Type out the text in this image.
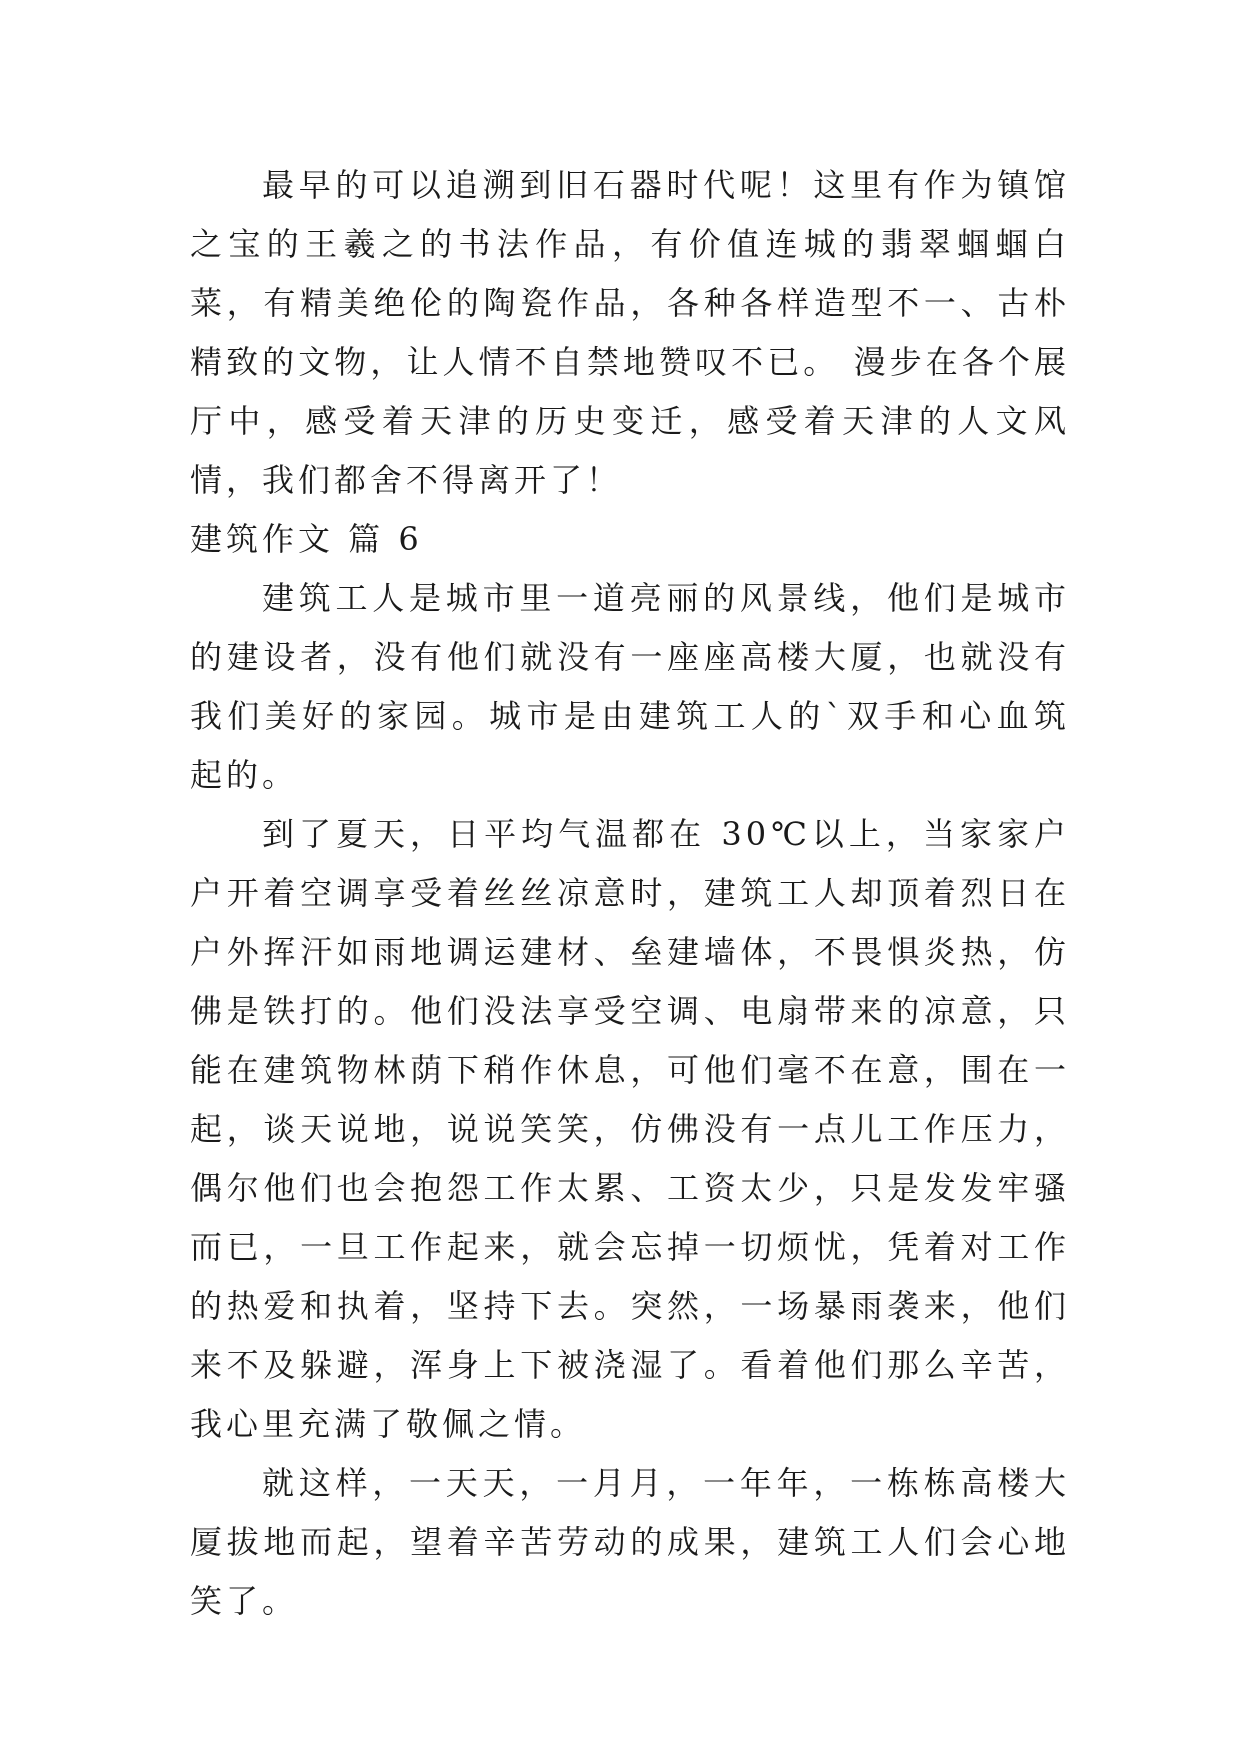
最早的可以追溯到旧石器时代呢！这里有作为镇馆之宝的王羲之的书法作品，有价值连城的翡翠蝈蝈白菜，有精美绝伦的陶瓷作品，各种各样造型不一、古朴精致的文物，让人情不自禁地赞叹不已。 漫步在各个展厅中，感受着天津的历史变迁，感受着天津的人文风情，我们都舍不得离开了！

建筑作文 篇 6

建筑工人是城市里一道亮丽的风景线，他们是城市的建设者，没有他们就没有一座座高楼大厦，也就没有我们美好的家园。城市是由建筑工人的`双手和心血筑起的。

到了夏天，日平均气温都在 30℃以上，当家家户户开着空调享受着丝丝凉意时，建筑工人却顶着烈日在户外挥汗如雨地调运建材、垒建墙体，不畏惧炎热，仿佛是铁打的。他们没法享受空调、电扇带来的凉意，只能在建筑物林荫下稍作休息，可他们毫不在意，围在一起，谈天说地，说说笑笑，仿佛没有一点儿工作压力，偶尔他们也会抱怨工作太累、工资太少，只是发发牢骚而已，一旦工作起来，就会忘掉一切烦忧，凭着对工作的热爱和执着，坚持下去。突然，一场暴雨袭来，他们来不及躲避，浑身上下被浇湿了。看着他们那么辛苦，我心里充满了敬佩之情。

就这样，一天天，一月月，一年年，一栋栋高楼大厦拔地而起，望着辛苦劳动的成果，建筑工人们会心地笑了。
